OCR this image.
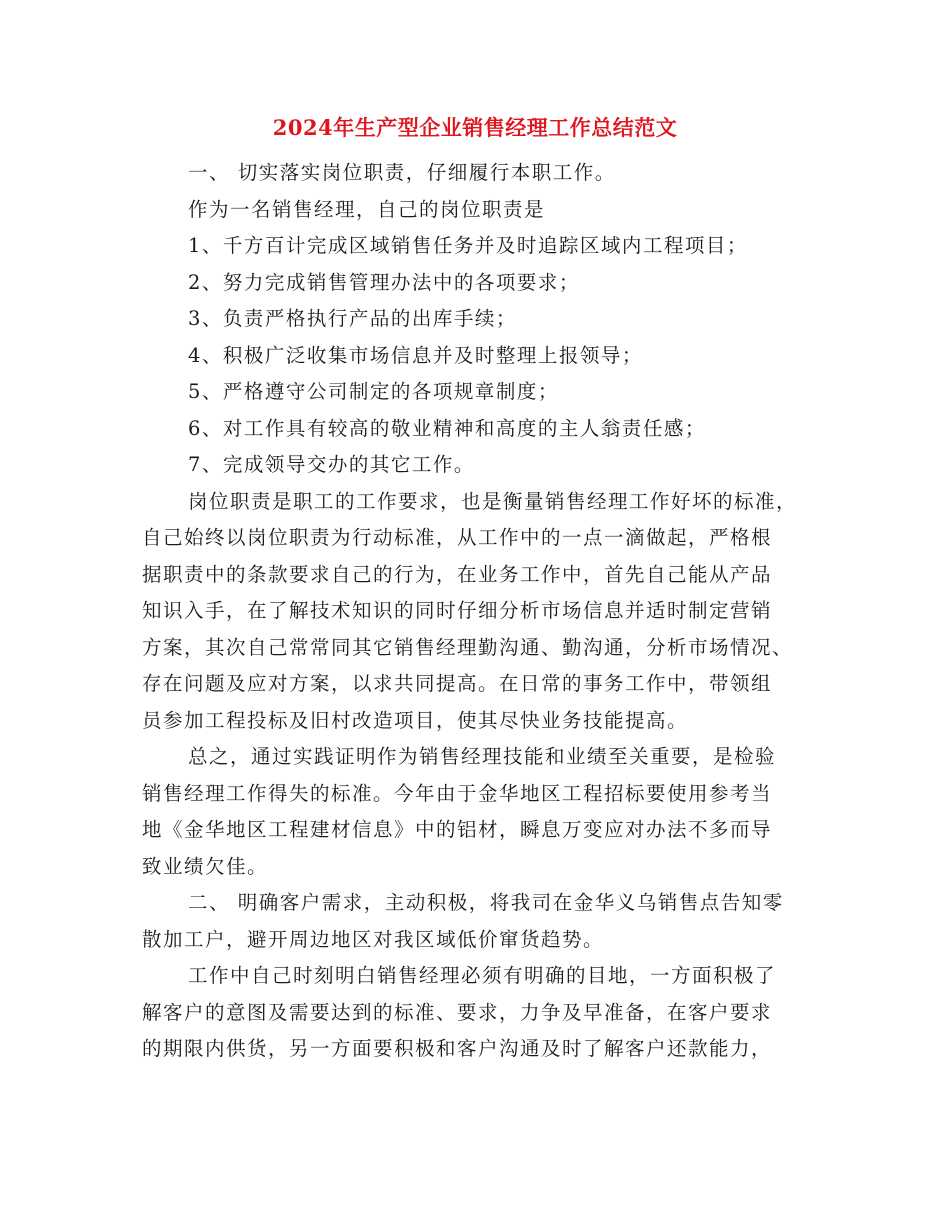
2024年生产型企业销售经理工作总结范文
一、 切实落实岗位职责，仔细履行本职工作。
作为一名销售经理，自己的岗位职责是
1、千方百计完成区域销售任务并及时追踪区域内工程项目；
2、努力完成销售管理办法中的各项要求；
3、负责严格执行产品的出库手续；
4、积极广泛收集市场信息并及时整理上报领导；
5、严格遵守公司制定的各项规章制度；
6、对工作具有较高的敬业精神和高度的主人翁责任感；
7、完成领导交办的其它工作。
岗位职责是职工的工作要求，也是衡量销售经理工作好坏的标准，
自己始终以岗位职责为行动标准，从工作中的一点一滴做起，严格根
据职责中的条款要求自己的行为，在业务工作中，首先自己能从产品
知识入手，在了解技术知识的同时仔细分析市场信息并适时制定营销
方案，其次自己常常同其它销售经理勤沟通、勤沟通，分析市场情况、
存在问题及应对方案，以求共同提高。在日常的事务工作中，带领组
员参加工程投标及旧村改造项目，使其尽快业务技能提高。
总之，通过实践证明作为销售经理技能和业绩至关重要，是检验
销售经理工作得失的标准。今年由于金华地区工程招标要使用参考当
地《金华地区工程建材信息》中的铝材，瞬息万变应对办法不多而导
致业绩欠佳。
二、 明确客户需求，主动积极，将我司在金华义乌销售点告知零
散加工户，避开周边地区对我区域低价窜货趋势。
工作中自己时刻明白销售经理必须有明确的目地，一方面积极了
解客户的意图及需要达到的标准、要求，力争及早准备，在客户要求
的期限内供货，另一方面要积极和客户沟通及时了解客户还款能力，
